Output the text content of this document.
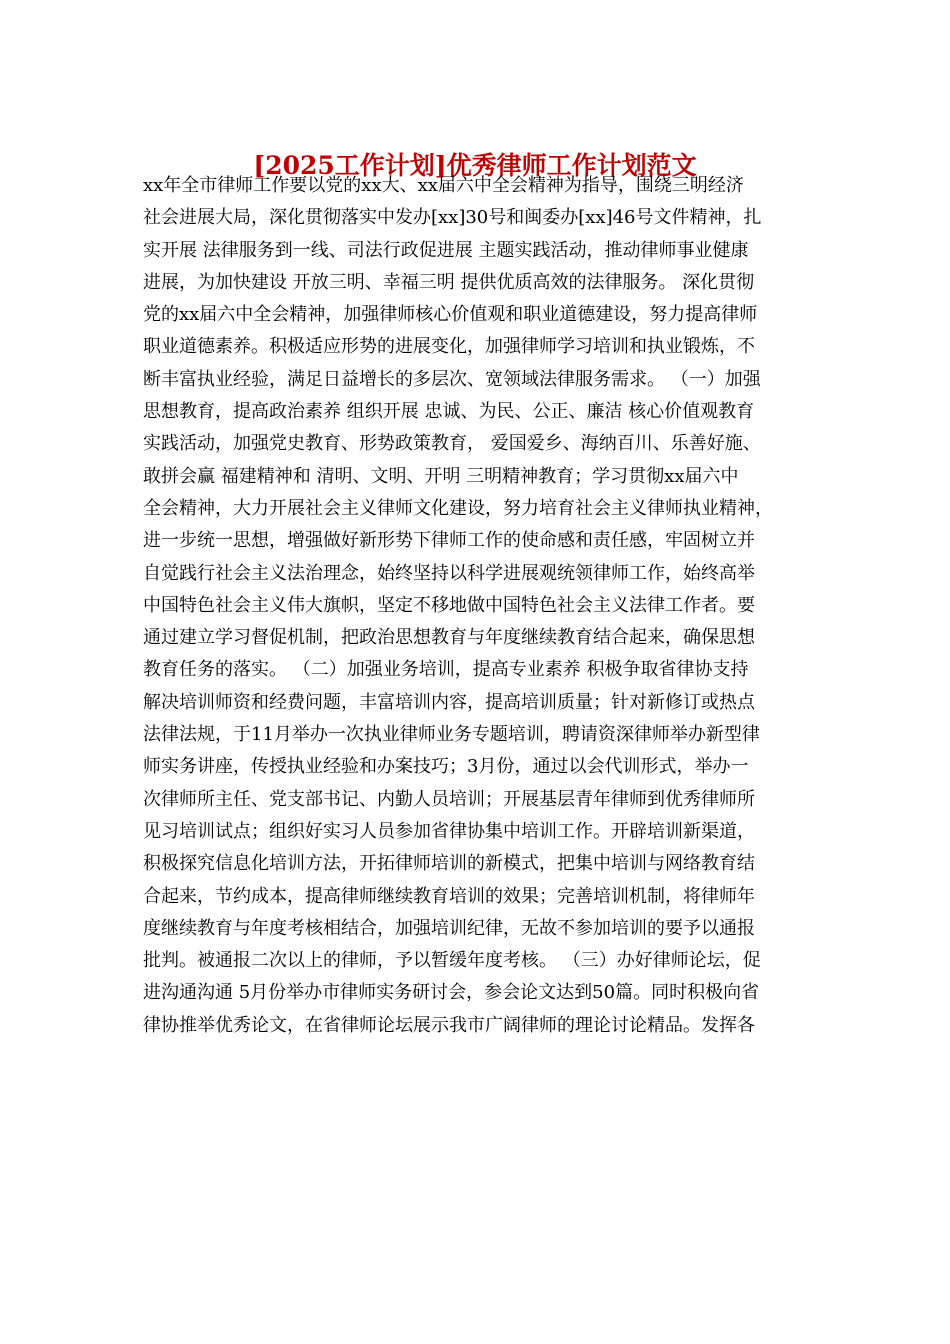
[2025工作计划]优秀律师工作计划范文
xx年全市律师工作要以党的xx大、xx届六中全会精神为指导，围绕三明经济
社会进展大局，深化贯彻落实中发办[xx]30号和闽委办[xx]46号文件精神，扎
实开展 法律服务到一线、司法行政促进展 主题实践活动，推动律师事业健康
进展，为加快建设 开放三明、幸福三明 提供优质高效的法律服务。 深化贯彻
党的xx届六中全会精神，加强律师核心价值观和职业道德建设，努力提高律师
职业道德素养。积极适应形势的进展变化，加强律师学习培训和执业锻炼，不
断丰富执业经验，满足日益增长的多层次、宽领域法律服务需求。 （一）加强
思想教育，提高政治素养 组织开展 忠诚、为民、公正、廉洁 核心价值观教育
实践活动，加强党史教育、形势政策教育， 爱国爱乡、海纳百川、乐善好施、
敢拼会赢 福建精神和 清明、文明、开明 三明精神教育；学习贯彻xx届六中
全会精神，大力开展社会主义律师文化建设，努力培育社会主义律师执业精神，
进一步统一思想，增强做好新形势下律师工作的使命感和责任感，牢固树立并
自觉践行社会主义法治理念，始终坚持以科学进展观统领律师工作，始终高举
中国特色社会主义伟大旗帜，坚定不移地做中国特色社会主义法律工作者。要
通过建立学习督促机制，把政治思想教育与年度继续教育结合起来，确保思想
教育任务的落实。 （二）加强业务培训，提高专业素养 积极争取省律协支持
解决培训师资和经费问题，丰富培训内容，提高培训质量；针对新修订或热点
法律法规，于11月举办一次执业律师业务专题培训，聘请资深律师举办新型律
师实务讲座，传授执业经验和办案技巧；3月份，通过以会代训形式，举办一
次律师所主任、党支部书记、内勤人员培训；开展基层青年律师到优秀律师所
见习培训试点；组织好实习人员参加省律协集中培训工作。开辟培训新渠道，
积极探究信息化培训方法，开拓律师培训的新模式，把集中培训与网络教育结
合起来，节约成本，提高律师继续教育培训的效果；完善培训机制，将律师年
度继续教育与年度考核相结合，加强培训纪律，无故不参加培训的要予以通报
批判。被通报二次以上的律师，予以暂缓年度考核。 （三）办好律师论坛，促
进沟通沟通 5月份举办市律师实务研讨会，参会论文达到50篇。同时积极向省
律协推举优秀论文，在省律师论坛展示我市广阔律师的理论讨论精品。发挥各
